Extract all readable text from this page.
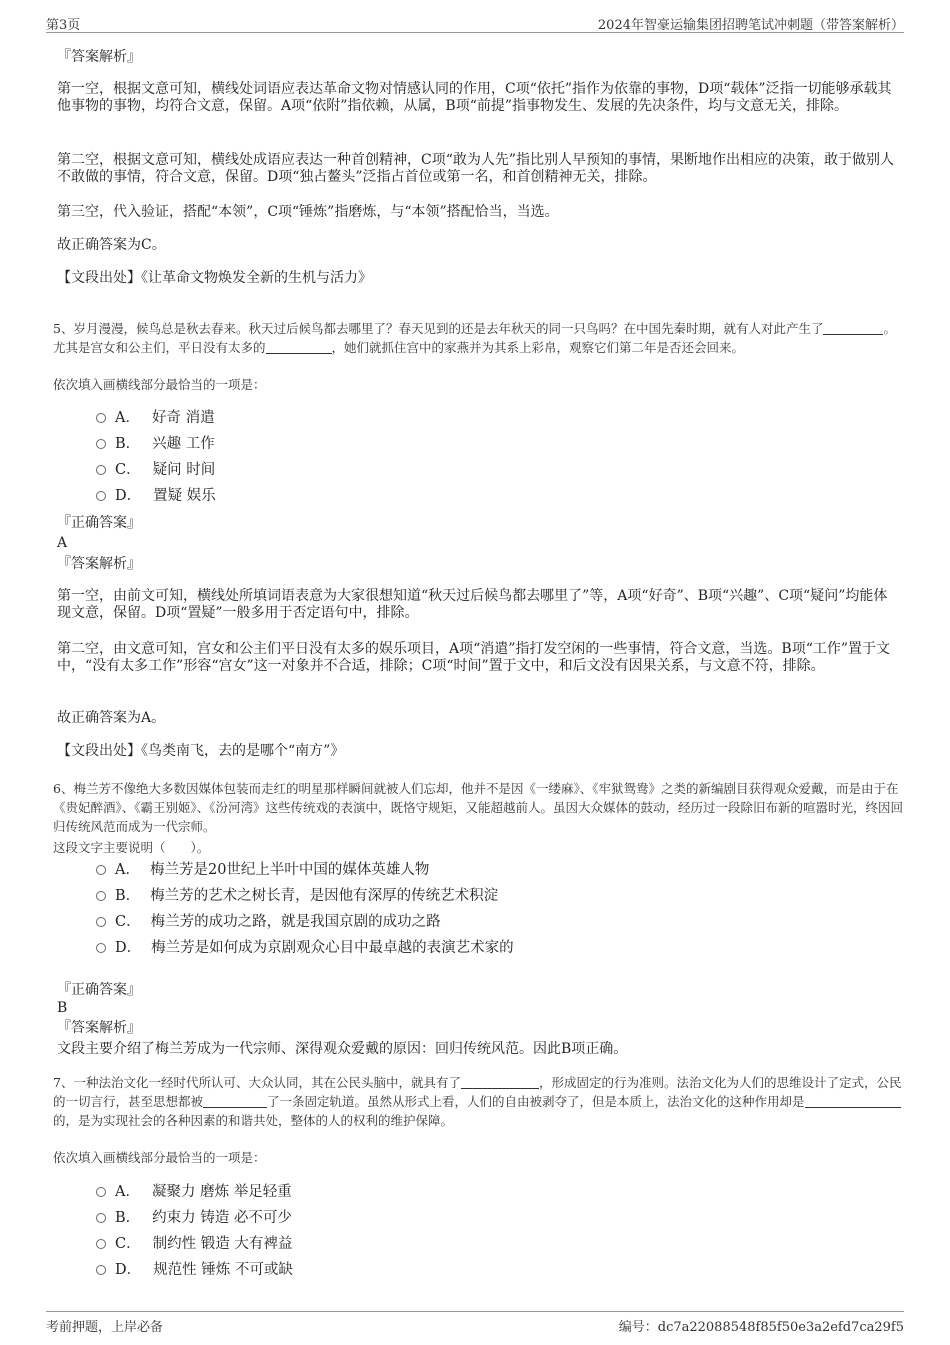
第3页	2024年智豪运输集团招聘笔试冲刺题（带答案解析）
『答案解析』
第一空，根据文意可知，横线处词语应表达革命文物对情感认同的作用，C项“依托”指作为依靠的事物，D项“载体”泛指一切能够承载其他事物的事物，均符合文意，保留。A项“依附”指依赖，从属，B项“前提”指事物发生、发展的先决条件，均与文意无关，排除。
第二空，根据文意可知，横线处成语应表达一种首创精神，C项“敢为人先”指比别人早预知的事情，果断地作出相应的决策，敢于做别人不敢做的事情，符合文意，保留。D项“独占鳌头”泛指占首位或第一名，和首创精神无关，排除。
第三空，代入验证，搭配“本领”，C项“锤炼”指磨炼，与“本领”搭配恰当，当选。
故正确答案为C。
【文段出处】《让革命文物焕发全新的生机与活力》
5、岁月漫漫，候鸟总是秋去春来。秋天过后候鸟都去哪里了？春天见到的还是去年秋天的同一只鸟吗？在中国先秦时期，就有人对此产生了	。尤其是宫女和公主们，平日没有太多的	，她们就抓住宫中的家燕并为其系上彩帛，观察它们第二年是否还会回来。
依次填入画横线部分最恰当的一项是：
A． 好奇 消遣
B． 兴趣 工作
C． 疑问 时间
D． 置疑 娱乐
『正确答案』
A
『答案解析』
第一空，由前文可知，横线处所填词语表意为大家很想知道“秋天过后候鸟都去哪里了”等，A项“好奇”、B项“兴趣”、C项“疑问”均能体现文意，保留。D项“置疑”一般多用于否定语句中，排除。
第二空，由文意可知，宫女和公主们平日没有太多的娱乐项目，A项“消遣”指打发空闲的一些事情，符合文意，当选。B项“工作”置于文中，“没有太多工作”形容“宫女”这一对象并不合适，排除；C项“时间”置于文中，和后文没有因果关系，与文意不符，排除。
故正确答案为A。
【文段出处】《鸟类南飞，去的是哪个“南方”》
6、梅兰芳不像绝大多数因媒体包装而走红的明星那样瞬间就被人们忘却，他并不是因《一缕麻》、《牢狱鸳鸯》之类的新编剧目获得观众爱戴，而是由于在《贵妃醉酒》、《霸王别姬》、《汾河湾》这些传统戏的表演中，既恪守规矩，又能超越前人。虽因大众媒体的鼓动，经历过一段除旧布新的喧嚣时光，终因回归传统风范而成为一代宗师。
这段文字主要说明（　　）。
A． 梅兰芳是20世纪上半叶中国的媒体英雄人物
B． 梅兰芳的艺术之树长青，是因他有深厚的传统艺术积淀
C． 梅兰芳的成功之路，就是我国京剧的成功之路
D． 梅兰芳是如何成为京剧观众心目中最卓越的表演艺术家的
『正确答案』
B
『答案解析』
文段主要介绍了梅兰芳成为一代宗师、深得观众爱戴的原因：回归传统风范。因此B项正确。
7、一种法治文化一经时代所认可、大众认同，其在公民头脑中，就具有了	，形成固定的行为准则。法治文化为人们的思维设计了定式，公民的一切言行，甚至思想都被	了一条固定轨道。虽然从形式上看，人们的自由被剥夺了，但是本质上，法治文化的这种作用却是的，是为实现社会的各种因素的和谐共处，整体的人的权利的维护保障。
依次填入画横线部分最恰当的一项是：
A． 凝聚力 磨炼 举足轻重
B． 约束力 铸造 必不可少
C． 制约性 锻造 大有裨益
D． 规范性 锤炼 不可或缺
考前押题，上岸必备	编号：dc7a22088548f85f50e3a2efd7ca29f5
